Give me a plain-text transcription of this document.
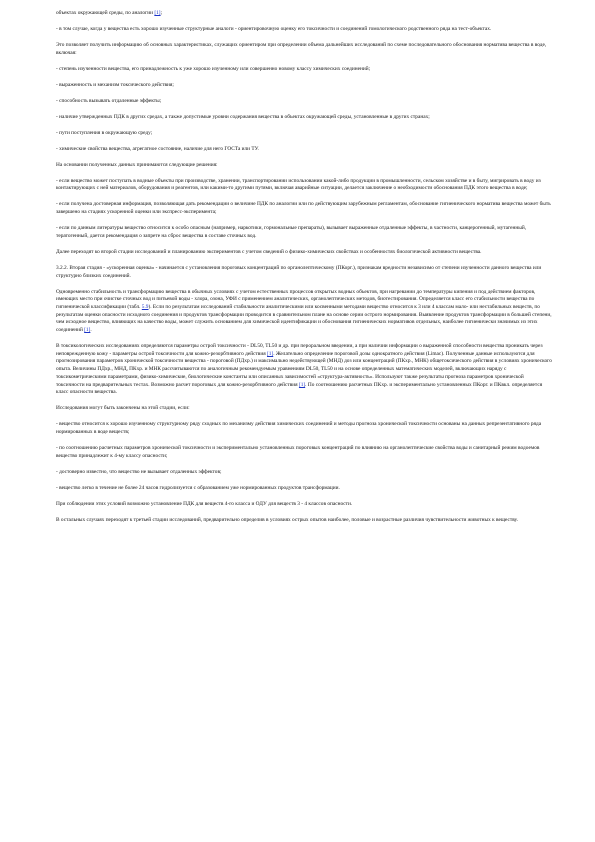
объектах окружающей среды, по аналогии [1];

- в том случае, когда у вещества есть хорошо изученные структурные аналоги - ориентировочную оценку его токсичности и соединений гомологического родственного ряда на тест-объектах.

Это позволяет получить информацию об основных характеристиках, служащих ориентиром при определении объема дальнейших исследований по схеме последовательного обоснования норматива вещества в воде, включая:

- степень изученности вещества, его принадлежность к уже хорошо изученному или совершенно новому классу химических соединений;

- выраженность и механизм токсического действия;

- способность вызывать отдаленные эффекты;

- наличие утвержденных ПДК в других средах, а также допустимые уровни содержания вещества в объектах окружающей среды, установленные в других странах;

- пути поступления в окружающую среду;

- химические свойства вещества, агрегатное состояние, наличие для него ГОСТа или ТУ.

На основании полученных данных принимаются следующие решения:

- если вещество может поступать в водные объекты при производстве, хранении, транспортировании использовании какой-либо продукции в промышленности, сельском хозяйстве и в быту, мигрировать в воду из контактирующих с ней материалов, оборудования и реагентов, или какими-то другими путями, включая аварийные ситуации, делается заключение о необходимости обоснования ПДК этого вещества в воде;

- если получена достоверная информация, позволяющая дать рекомендации о величине ПДК по аналогии или по действующим зарубежным регламентам, обоснование гигиенического норматива вещества может быть завершено на стадиях ускоренной оценки или экспресс-эксперимента;

- если по данным литературы вещество относится к особо опасным (например, наркотики, гормональные препараты), вызывает выраженные отдаленные эффекты, в частности, канцерогенный, мутагенный, тератогенный, дается рекомендация о запрете на сброс вещества в составе сточных вод.

Далее переходят ко второй стадии исследований и планированию экспериментов с учетом сведений о физико-химических свойствах и особенностях биологической активности вещества.

3.2.2. Вторая стадия - «ускоренная оценка» - начинается с установления пороговых концентраций по органолептическому (ПКорг.), признакам вредности независимо от степени изученности данного вещества или структурно близких соединений.

Одновременно стабильность и трансформацию вещества в обычных условиях с учетом естественных процессов открытых водных объектов, при нагревании до температуры кипения и под действием факторов, имеющих место при очистке сточных вод и питьевой воды - хлора, озона, УФИ с применением аналитических, органолептических методов, биотестирования. Определяется класс его стабильности вещества по гигиенической классификации (табл. 5.9). Если по результатам исследований стабильности аналитическими или косвенными методами вещество относится к 3 или 4 классам мало- или нестабильных веществ, по результатам оценки опасности исходного соединения и продуктов трансформации проводится в сравнительном плане на основе серии острого нормирования. Выявление продуктов трансформации в большей степени, чем исходное вещество, влияющих на качество воды, может служить основанием для химической идентификации и обоснования гигиенических нормативов отдельных, наиболее гигиенически значимых из этих соединений [1].

В токсикологических исследованиях определяются параметры острой токсичности - DL50, TL50 и др. при пероральном введении, а при наличии информации о выраженной способности вещества проникать через неповрежденную кожу - параметры острой токсичности для кожно-резорбтивного действия [1]. Желательно определение пороговой дозы однократного действия (Limac). Полученные данные используются для прогнозирования параметров хронической токсичности вещества - пороговой (ПДхр.) и максимально недействующей (МНД) доз или концентраций (ПКхр., МНК) общетоксического действия в условиях хронического опыта. Величины ПДхр., МНД, ПКхр. и МНК рассчитываются по аналогичным рекомендуемым уравнениям DL50, TL50 и на основе определенных математических моделей, включающих наряду с токсикометрическими параметрами, физико-химические, биологические константы или описанных зависимостей «структура-активность». Используют также результаты прогноза параметров хронической токсичности на предварительных тестах. Возможно расчет пороговых для кожно-резорбтивного действия [1]. По соотношению расчетных ПКхр. и экспериментально установленных ПКорг. и ПКвкл. определяется класс опасности вещества.

Исследования могут быть закончены на этой стадии, если:

- вещество относится к хорошо изученному структурному ряду сходных по механизму действия химических соединений и методы прогноза хронической токсичности основаны на данных репрезентативного ряда нормированных в воде веществ;

- по соотношению расчетных параметров хронической токсичности и экспериментально установленных пороговых концентраций по влиянию на органолептические свойства воды и санитарный режим водоемов вещество принадлежит к 4-му классу опасности;

- достоверно известно, что вещество не вызывает отдаленных эффектов;

- вещество легко в течение не более 24 часов гидролизуется с образованием уже нормированных продуктов трансформации.

При соблюдении этих условий возможно установление ПДК для веществ 4-го класса и ОДУ для веществ 3 - 4 классов опасности.

В остальных случаях переходят к третьей стадии исследований, предварительно определив в условиях острых опытов наиболее, половые и возрастные различия чувствительности животных к веществу.
